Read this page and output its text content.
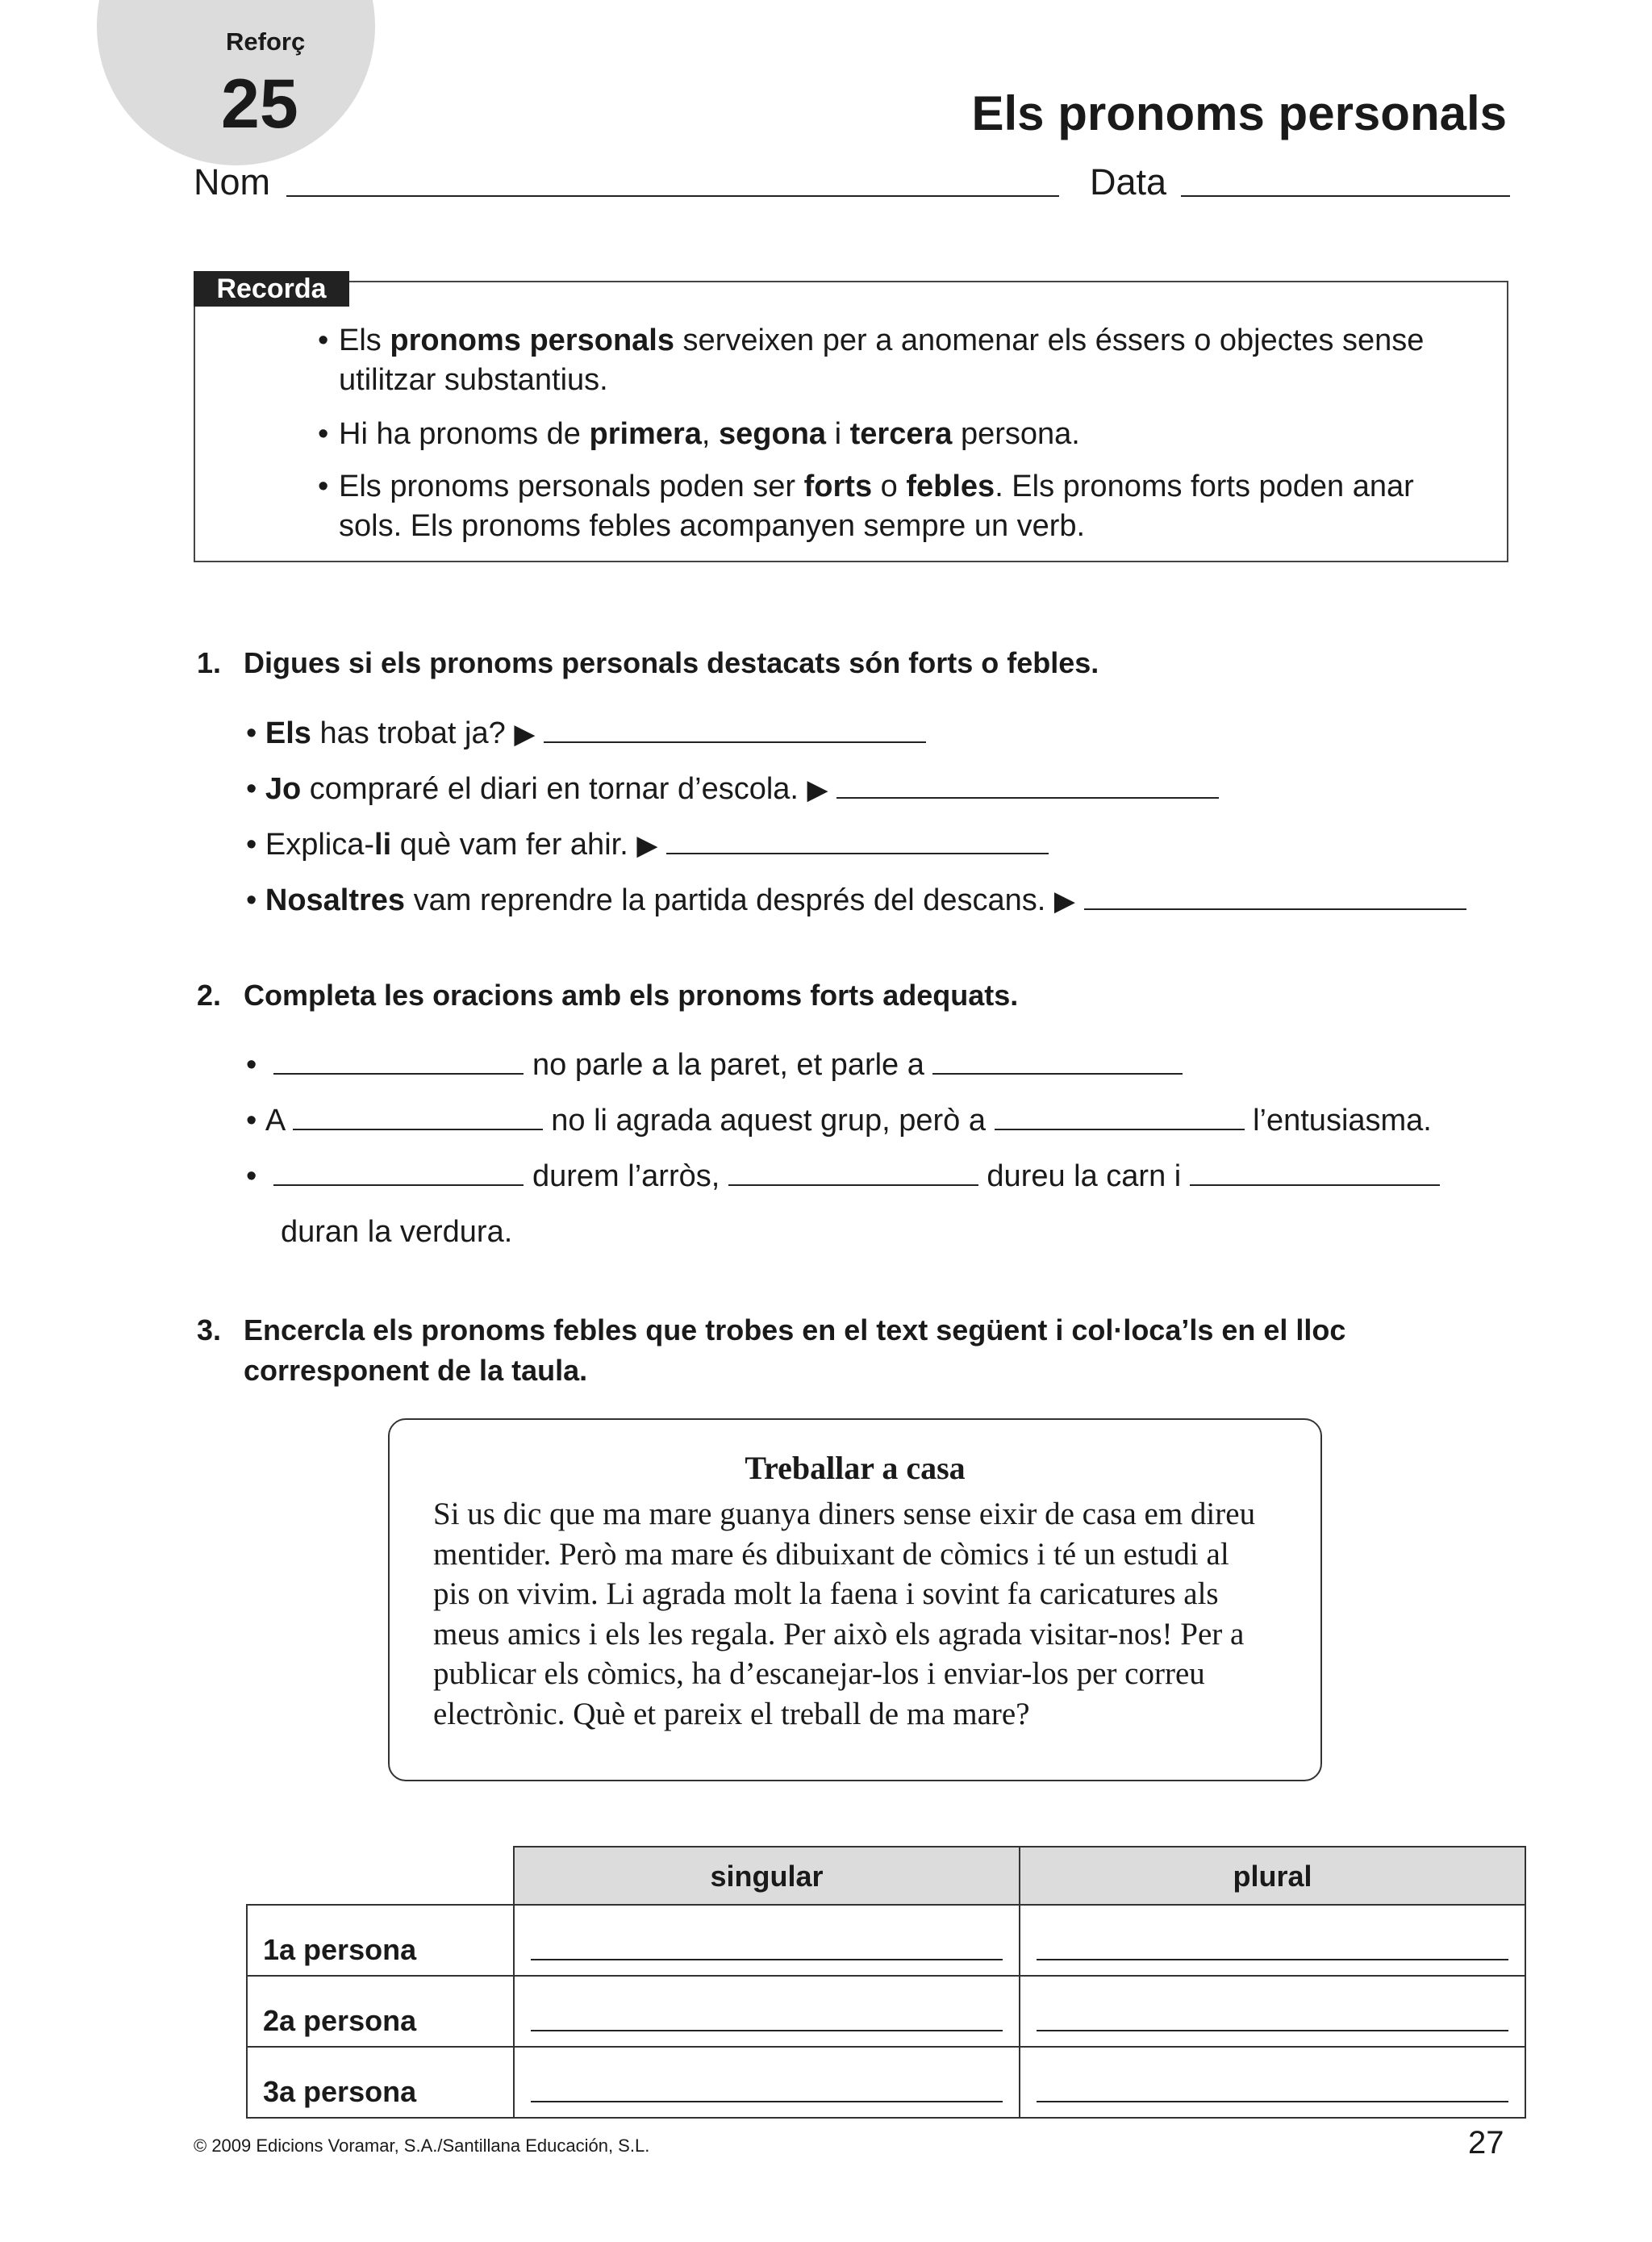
Reforç
25	Els pronoms personals
Nom	Data
Recorda
• Els pronoms personals serveixen per a anomenar els éssers o objectes sense utilitzar substantius.
• Hi ha pronoms de primera, segona i tercera persona.
• Els pronoms personals poden ser forts o febles. Els pronoms forts poden anar sols. Els pronoms febles acompanyen sempre un verb.
1. Digues si els pronoms personals destacats són forts o febles.
• Els has trobat ja? ▶
• Jo compraré el diari en tornar d’escola. ▶
• Explica-li què vam fer ahir. ▶
• Nosaltres vam reprendre la partida després del descans. ▶
2. Completa les oracions amb els pronoms forts adequats.
•	no parle a la paret, et parle a
• A	no li agrada aquest grup, però a	l’entusiasma.
•	durem l’arròs,	dureu la carn i
duran la verdura.
3. Encercla els pronoms febles que trobes en el text següent i col·loca’ls en el lloc
corresponent de la taula.
Treballar a casa
Si us dic que ma mare guanya diners sense eixir de casa em direu
mentider. Però ma mare és dibuixant de còmics i té un estudi al
pis on vivim. Li agrada molt la faena i sovint fa caricatures als
meus amics i els les regala. Per això els agrada visitar-nos! Per a
publicar els còmics, ha d’escanejar-los i enviar-los per correu
electrònic. Què et pareix el treball de ma mare?
singular	plural
1a persona
2a persona
3a persona
© 2009 Edicions Voramar, S.A./Santillana Educación, S.L.	27
